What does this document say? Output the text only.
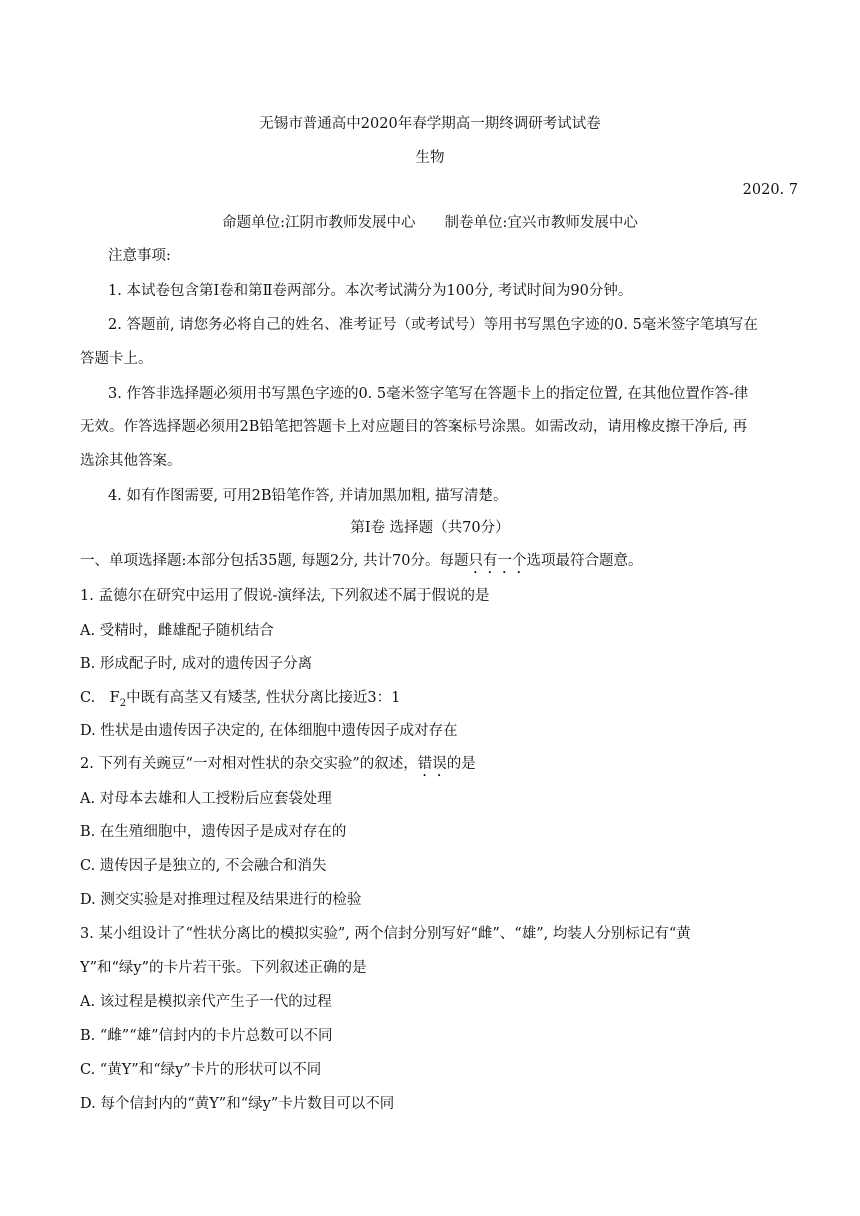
无锡市普通高中2020年春学期高一期终调研考试试卷
生物
2020. 7
命题单位:江阴市教师发展中心　　制卷单位:宜兴市教师发展中心
注意事项:
1. 本试卷包含第Ⅰ卷和第Ⅱ卷两部分。本次考试满分为100分, 考试时间为90分钟。
2. 答题前, 请您务必将自己的姓名、准考证号（或考试号）等用书写黑色字迹的0. 5毫米签字笔填写在
答题卡上。
3. 作答非选择题必须用书写黑色字迹的0. 5毫米签字笔写在答题卡上的指定位置, 在其他位置作答-律
无效。作答选择题必须用2B铅笔把答题卡上对应题目的答案标号涂黑。如需改动，请用橡皮擦干净后, 再
选涂其他答案。
4. 如有作图需要, 可用2B铅笔作答, 并请加黑加粗, 描写清楚。
第Ⅰ卷 选择题（共70分）
一、单项选择题:本部分包括35题, 每题2分, 共计70分。每题只有一个选项最符合题意。
1. 孟德尔在研究中运用了假说-演绎法, 下列叙述不属于假说的是
A. 受精时，雌雄配子随机结合
B. 形成配子时, 成对的遗传因子分离
C.　$F_2$中既有高茎又有矮茎, 性状分离比接近3：1
D. 性状是由遗传因子决定的, 在体细胞中遗传因子成对存在
2. 下列有关豌豆“一对相对性状的杂交实验”的叙述，错误的是
A. 对母本去雄和人工授粉后应套袋处理
B. 在生殖细胞中，遗传因子是成对存在的
C. 遗传因子是独立的, 不会融合和消失
D. 测交实验是对推理过程及结果进行的检验
3. 某小组设计了“性状分离比的模拟实验”, 两个信封分别写好“雌”、“雄”, 均装人分别标记有“黄
Y”和“绿y”的卡片若干张。下列叙述正确的是
A. 该过程是模拟亲代产生子一代的过程
B. “雌”“雄”信封内的卡片总数可以不同
C. “黄Y”和“绿y”卡片的形状可以不同
D. 每个信封内的“黄Y”和“绿y”卡片数目可以不同
